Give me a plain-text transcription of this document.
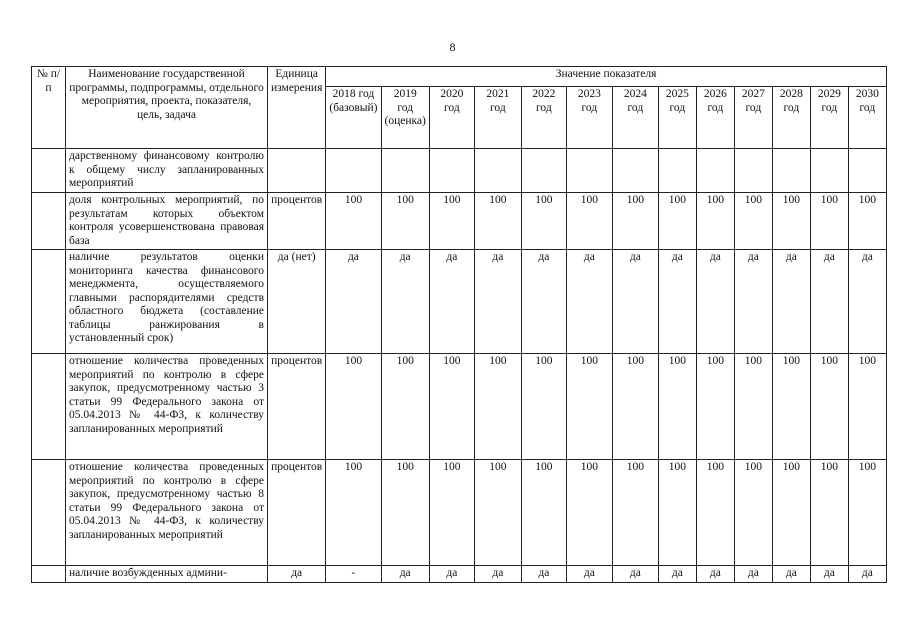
8
№ п/п	Наименование государственной программы, подпрограммы, отдельного мероприятия, проекта, показателя, цель, задача	Единица измерения	Значение показателя												
			2018 год (базовый)	2019 год (оценка)	2020 год	2021 год	2022 год	2023 год	2024 год	2025 год	2026 год	2027 год	2028 год	2029 год	2030 год
	дарственному финансовому контролю к общему числу запланированных мероприятий														
	доля контрольных мероприятий, по результатам которых объектом контроля усовершенствована правовая база	процентов	100	100	100	100	100	100	100	100	100	100	100	100	100
	наличие результатов оценки мониторинга качества финансового менеджмента, осуществляемого главными распорядителями средств областного бюджета (составление таблицы ранжирования в установленный срок)	да (нет)	да	да	да	да	да	да	да	да	да	да	да	да	да
	отношение количества проведенных мероприятий по контролю в сфере закупок, предусмотренному частью 3 статьи 99 Федерального закона от 05.04.2013 № 44-ФЗ, к количеству запланированных мероприятий	процентов	100	100	100	100	100	100	100	100	100	100	100	100	100
	отношение количества проведенных мероприятий по контролю в сфере закупок, предусмотренному частью 8 статьи 99 Федерального закона от 05.04.2013 № 44-ФЗ, к количеству запланированных мероприятий	процентов	100	100	100	100	100	100	100	100	100	100	100	100	100
	наличие возбужденных админи-	да	-	да	да	да	да	да	да	да	да	да	да	да	да
